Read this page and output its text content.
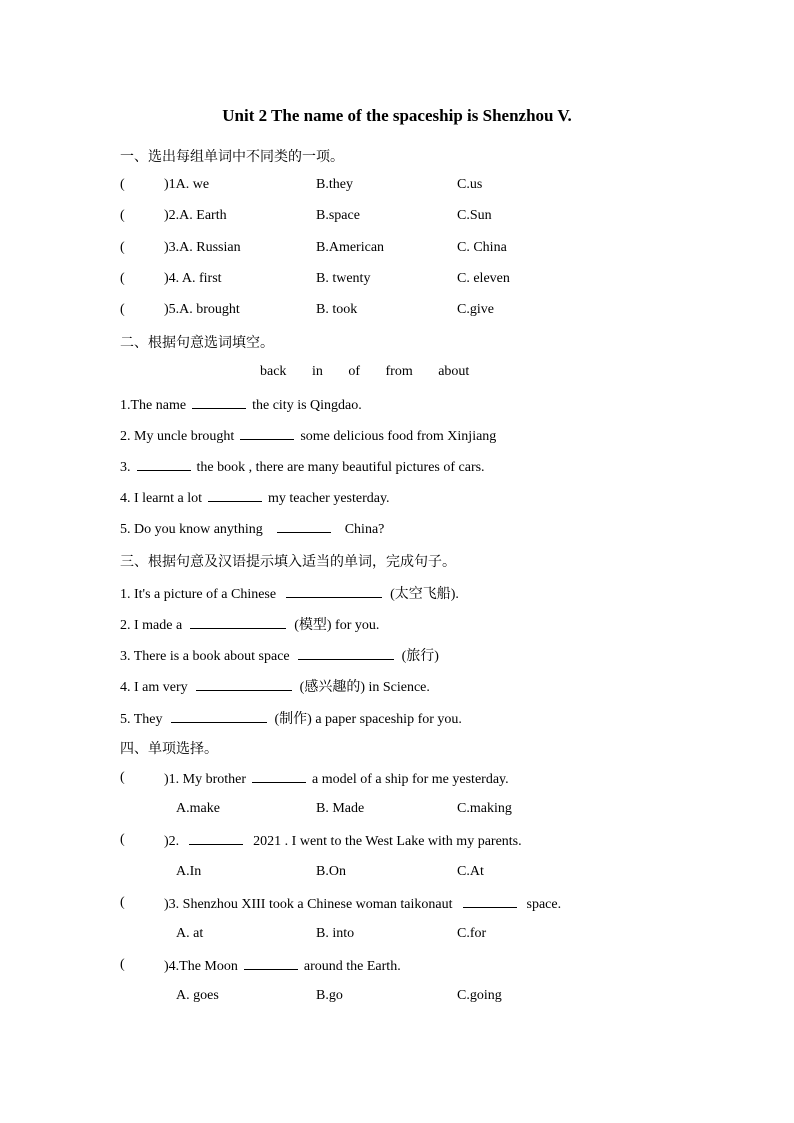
Unit 2 The name of the spaceship is Shenzhou V.
一、选出每组单词中不同类的一项。
(	)1A. we	B.they	C.us
(	)2.A. Earth	B.space	C.Sun
(	)3.A. Russian	B.American	C. China
(	)4. A. first	B. twenty	C. eleven
(	)5.A. brought	B. took	C.give
二、根据句意选词填空。
back in of from about
1.The name	the city is Qingdao.
2. My uncle brought	some delicious food from Xinjiang
3.	the book , there are many beautiful pictures of cars.
4. I learnt a lot	my teacher yesterday.
5. Do you know anything	China?
三、根据句意及汉语提示填入适当的单词，完成句子。
1. It's a picture of a Chinese	(太空飞船).
2. I made a	(模型) for you.
3. There is a book about space	(旅行)
4. I am very	(感兴趣的) in Science.
5. They	(制作) a paper spaceship for you.
四、单项选择。
(	)1. My brother	a model of a ship for me yesterday.
A.make	B. Made	C.making
(	)2.	2021 . I went to the West Lake with my parents.
A.In	B.On	C.At
(	)3. Shenzhou XIII took a Chinese woman taikonaut	space.
A. at	B. into	C.for
(	)4.The Moon	around the Earth.
A. goes	B.go	C.going
